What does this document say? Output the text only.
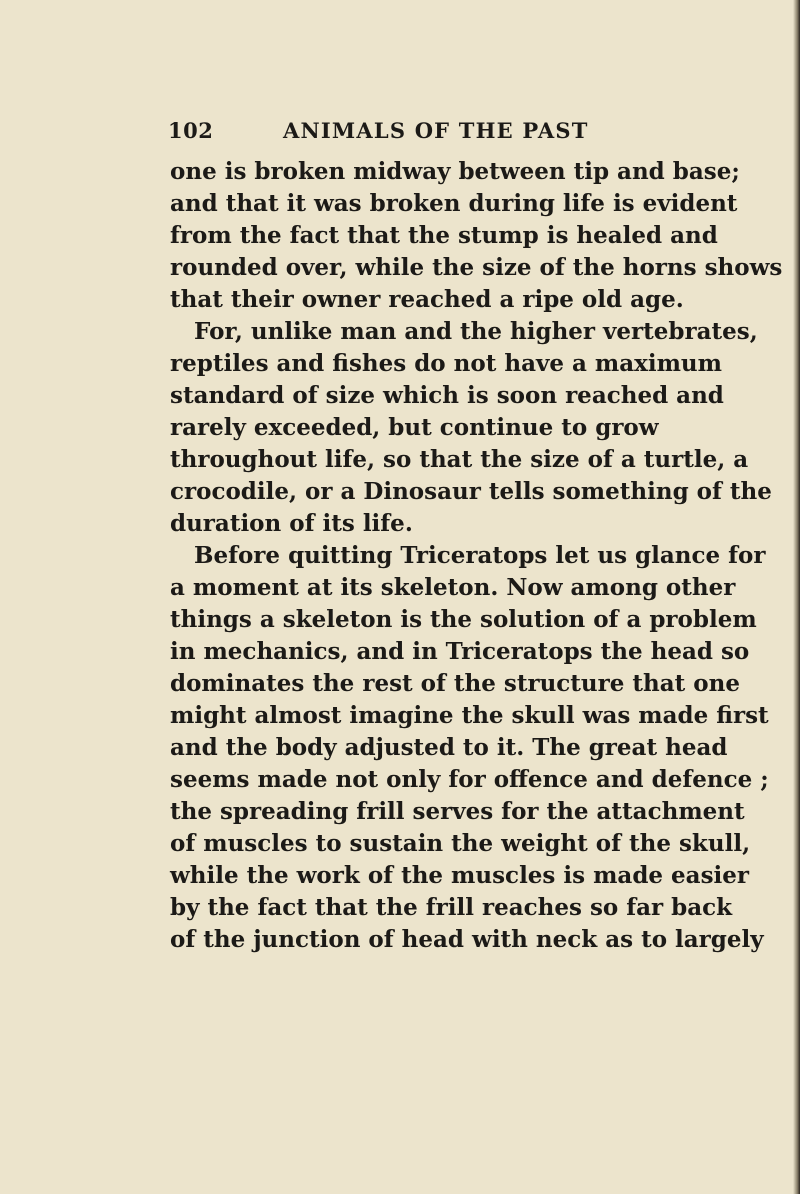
102	ANIMALS OF THE PAST
one is broken midway between tip and base;
and that it was broken during life is evident
from the fact that the stump is healed and
rounded over, while the size of the horns shows
that their owner reached a ripe old age.
For, unlike man and the higher vertebrates,
reptiles and fishes do not have a maximum
standard of size which is soon reached and
rarely exceeded, but continue to grow
throughout life, so that the size of a turtle, a
crocodile, or a Dinosaur tells something of the
duration of its life.
Before quitting Triceratops let us glance for
a moment at its skeleton. Now among other
things a skeleton is the solution of a problem
in mechanics, and in Triceratops the head so
dominates the rest of the structure that one
might almost imagine the skull was made first
and the body adjusted to it. The great head
seems made not only for offence and defence ;
the spreading frill serves for the attachment
of muscles to sustain the weight of the skull,
while the work of the muscles is made easier
by the fact that the frill reaches so far back
of the junction of head with neck as to largely
